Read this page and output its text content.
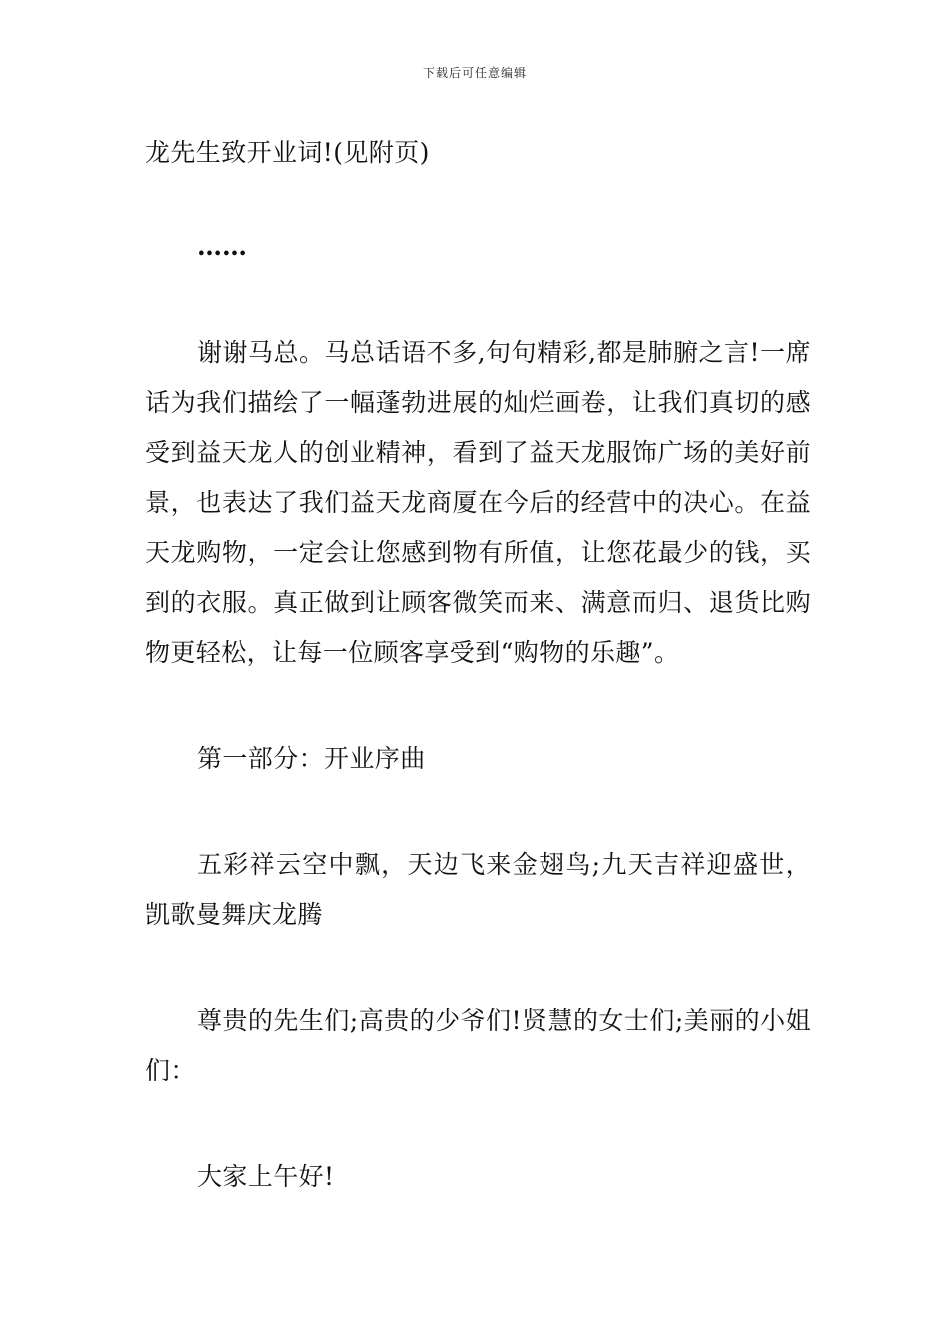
下载后可任意编辑

龙先生致开业词!(见附页)

……

谢谢马总。马总话语不多,句句精彩,都是肺腑之言!一席话为我们描绘了一幅蓬勃进展的灿烂画卷，让我们真切的感受到益天龙人的创业精神，看到了益天龙服饰广场的美好前景，也表达了我们益天龙商厦在今后的经营中的决心。在益天龙购物，一定会让您感到物有所值，让您花最少的钱，买到的衣服。真正做到让顾客微笑而来、满意而归、退货比购物更轻松，让每一位顾客享受到“购物的乐趣”。

第一部分：开业序曲

五彩祥云空中飘，天边飞来金翅鸟;九天吉祥迎盛世，凯歌曼舞庆龙腾

尊贵的先生们;高贵的少爷们!贤慧的女士们;美丽的小姐们：

大家上午好!
